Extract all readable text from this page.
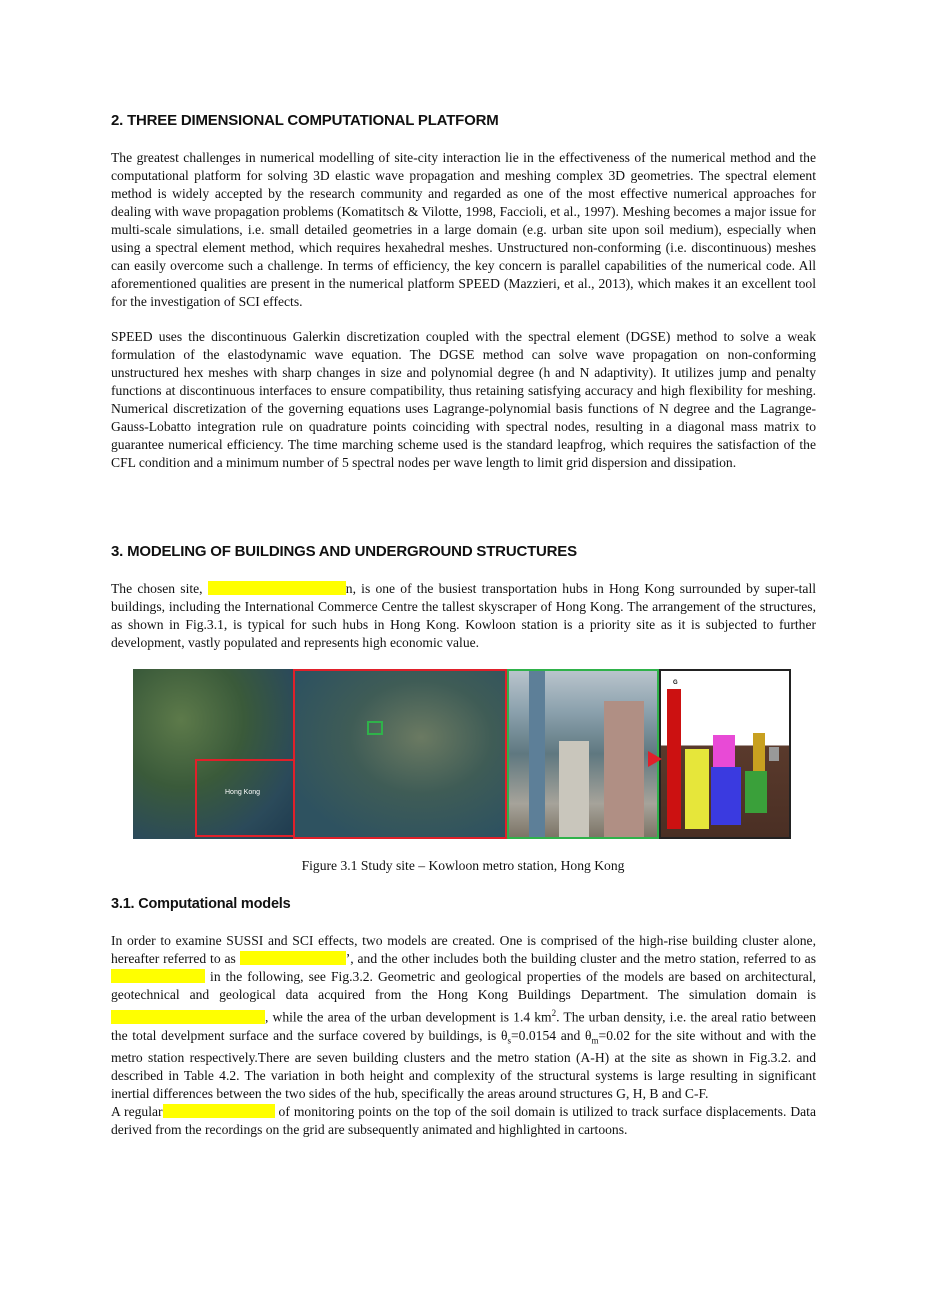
2. THREE DIMENSIONAL COMPUTATIONAL PLATFORM

The greatest challenges in numerical modelling of site-city interaction lie in the effectiveness of the numerical method and the computational platform for solving 3D elastic wave propagation and meshing complex 3D geometries. The spectral element method is widely accepted by the research community and regarded as one of the most effective numerical approaches for dealing with wave propagation problems (Komatitsch & Vilotte, 1998, Faccioli, et al., 1997). Meshing becomes a major issue for multi-scale simulations, i.e. small detailed geometries in a large domain (e.g. urban site upon soil medium), especially when using a spectral element method, which requires hexahedral meshes. Unstructured non-conforming (i.e. discontinuous) meshes can easily overcome such a challenge. In terms of efficiency, the key concern is parallel capabilities of the numerical code. All aforementioned qualities are present in the numerical platform SPEED (Mazzieri, et al., 2013), which makes it an excellent tool for the investigation of SCI effects.

SPEED uses the discontinuous Galerkin discretization coupled with the spectral element (DGSE) method to solve a weak formulation of the elastodynamic wave equation. The DGSE method can solve wave propagation on non-conforming unstructured hex meshes with sharp changes in size and polynomial degree (h and N adaptivity). It utilizes jump and penalty functions at discontinuous interfaces to ensure compatibility, thus retaining satisfying accuracy and high flexibility for meshing. Numerical discretization of the governing equations uses Lagrange-polynomial basis functions of N degree and the Lagrange-Gauss-Lobatto integration rule on quadrature points coinciding with spectral nodes, resulting in a diagonal mass matrix to guarantee numerical efficiency. The time marching scheme used is the standard leapfrog, which requires the satisfaction of the CFL condition and a minimum number of 5 spectral nodes per wave length to limit grid dispersion and dissipation.

3. MODELING OF BUILDINGS AND UNDERGROUND STRUCTURES

The chosen site,	n, is one of the busiest transportation hubs in Hong Kong surrounded by super-tall buildings, including the International Commerce Centre the tallest skyscraper of Hong Kong. The arrangement of the structures, as shown in Fig.3.1, is typical for such hubs in Hong Kong. Kowloon station is a priority site as it is subjected to further development, vastly populated and represents high economic value.

Hong Kong
G
Figure 3.1 Study site – Kowloon metro station, Hong Kong
3.1. Computational models

In order to examine SUSSI and SCI effects, two models are created. One is comprised of the high-rise building cluster alone, hereafter referred to as	’, and the other includes both the building cluster and the metro station, referred to as  in the following, see Fig.3.2. Geometric and geological properties of the models are based on architectural, geotechnical and geological data acquired from the Hong Kong Buildings Department. The simulation domain is , while the area of the urban development is 1.4 $km^2$. The urban density, i.e. the areal ratio between the total develpment surface and the surface covered by buildings, is $\theta_s=0.0154$ and $\theta_m=0.02$ for the site without and with the metro station respectively.There are seven building clusters and the metro station (A-H) at the site as shown in Fig.3.2. and described in Table 4.2. The variation in both height and complexity of the structural systems is large resulting in significant inertial differences between the two sides of the hub, specifically the areas around structures G, H, B and C-F.
A regular	of monitoring points on the top of the soil domain is utilized to track surface displacements. Data derived from the recordings on the grid are subsequently animated and highlighted in cartoons.
